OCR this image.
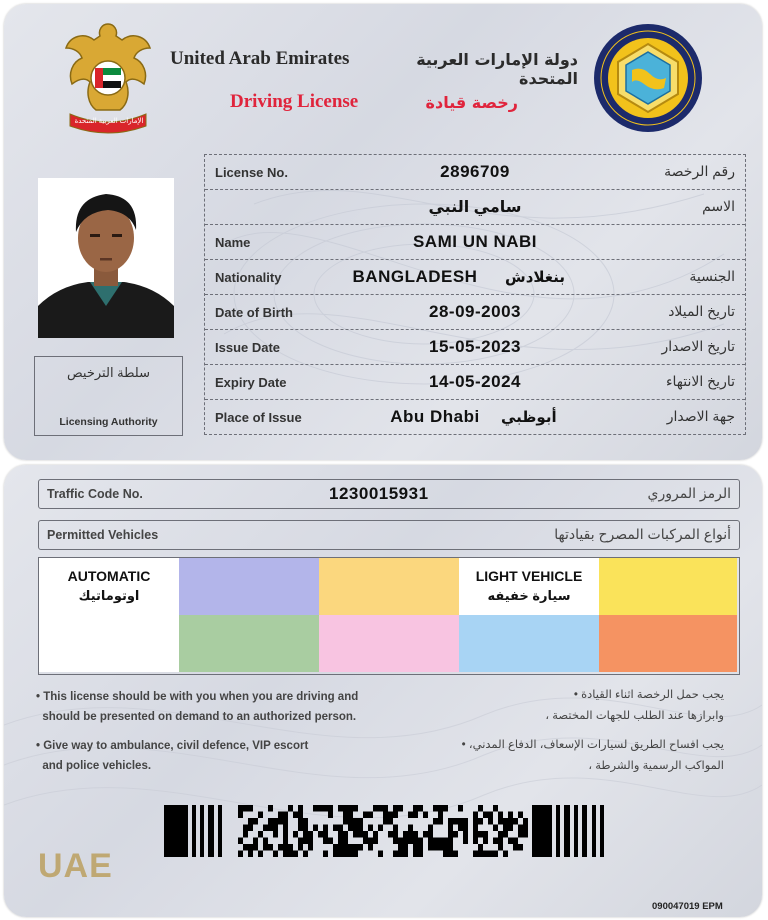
الإمارات العربية المتحدة
United Arab Emirates	دولة الإمارات العربية المتحدة
Driving License	رخصة قيادة
سلطة الترخيص
Licensing Authority
License No.	2896709	رقم الرخصة
سامي النبي	الاسم
Name	SAMI UN NABI
Nationality	BANGLADESH	بنغلادش	الجنسية
Date of Birth	28-09-2003	تاريخ الميلاد
Issue Date	15-05-2023	تاريخ الاصدار
Expiry Date	14-05-2024	تاريخ الانتهاء
Place of Issue	Abu Dhabi	أبوظبي	جهة الاصدار
Traffic Code No.	1230015931	الرمز المروري
Permitted Vehicles	أنواع المركبات المصرح بقيادتها
AUTOMATIC
اوتوماتيك
LIGHT VEHICLE
سيارة خفيفه
• This license should be with you when you are driving and
should be presented on demand to an authorized person.
• Give way to ambulance, civil defence, VIP escort
and police vehicles.
يجب حمل الرخصة اثناء القيادة •
وابرازها عند الطلب للجهات المختصة ،
يجب افساح الطريق لسيارات الإسعاف، الدفاع المدني، •
المواكب الرسمية والشرطة ،
UAE
090047019 EPM
